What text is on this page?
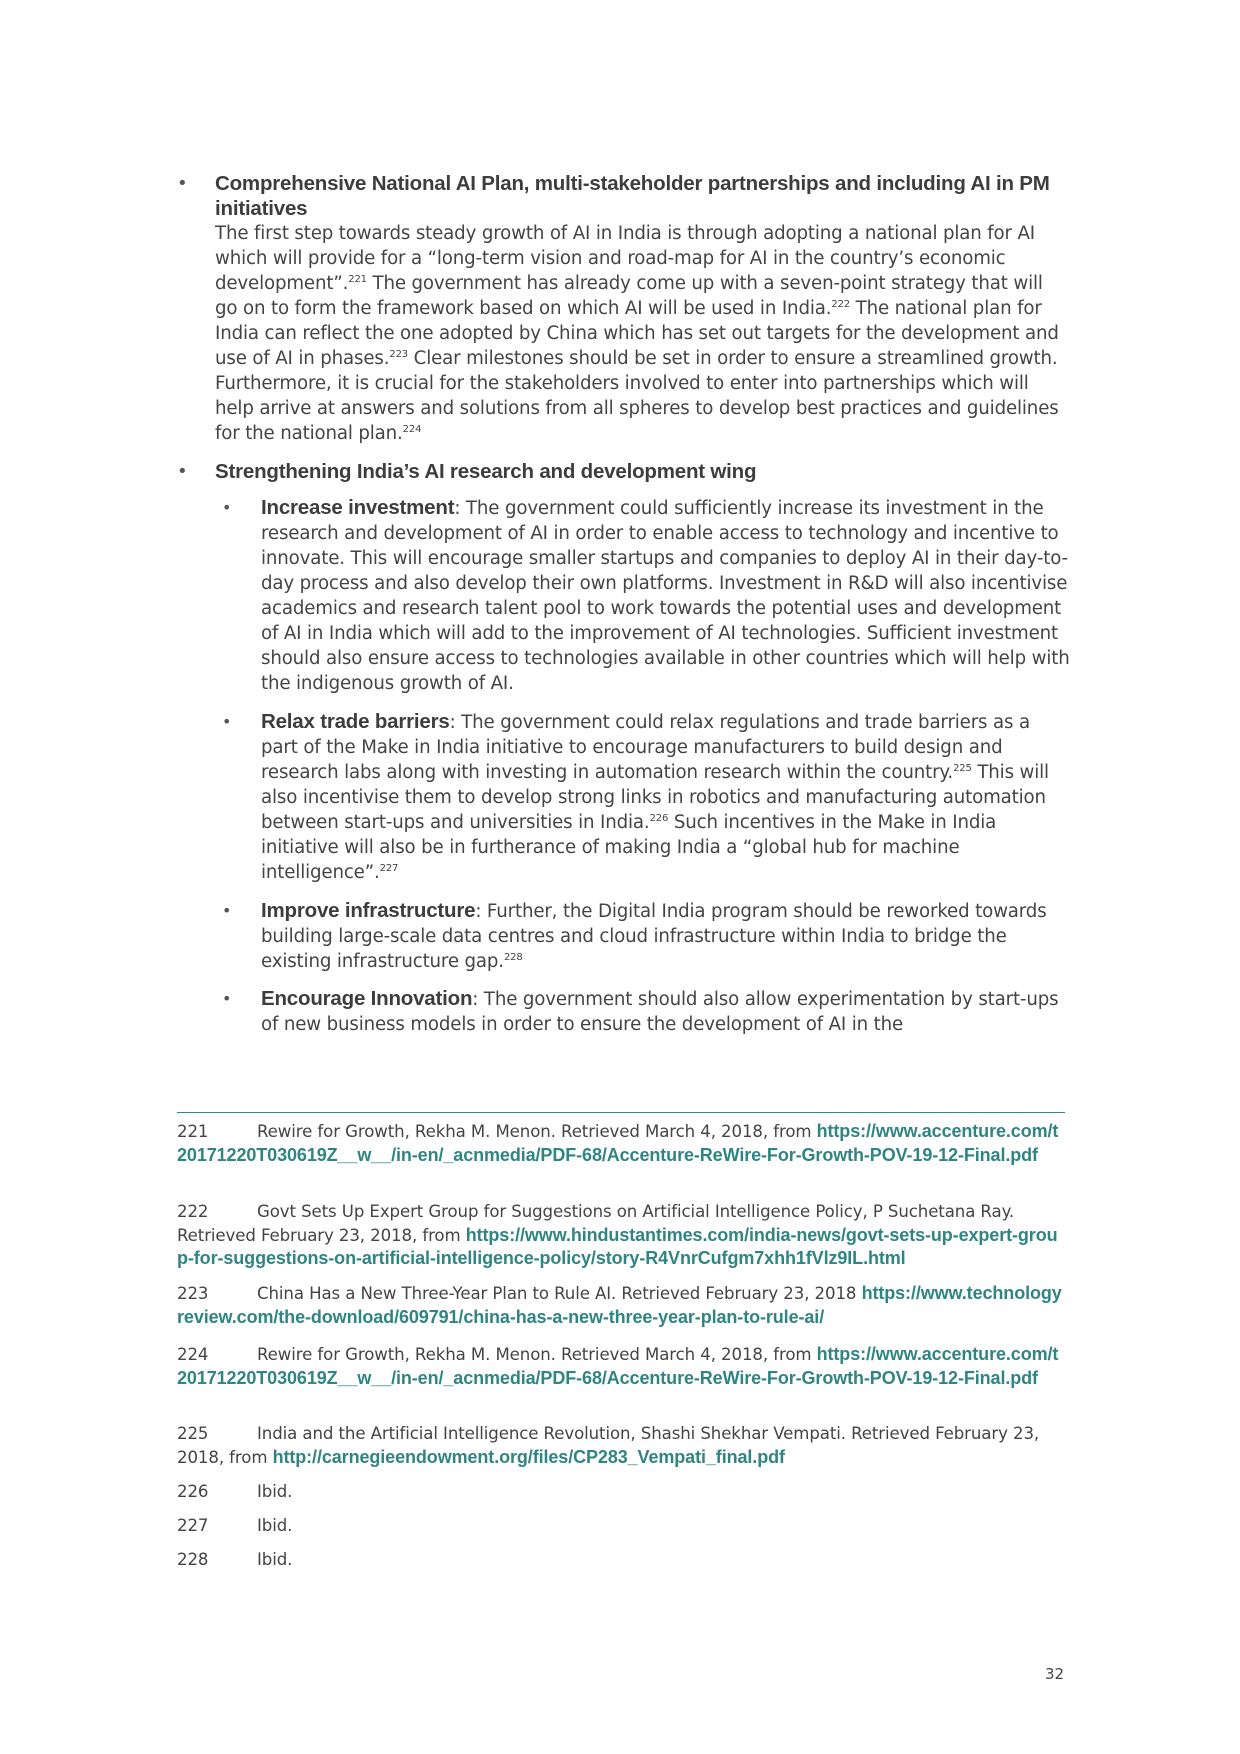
• Comprehensive National AI Plan, multi-stakeholder partnerships and including AI in PM initiatives
The first step towards steady growth of AI in India is through adopting a national plan for AI which will provide for a “long-term vision and road-map for AI in the country’s economic development”.$^{221}$ The government has already come up with a seven-point strategy that will go on to form the framework based on which AI will be used in India.$^{222}$ The national plan for India can reflect the one adopted by China which has set out targets for the development and use of AI in phases.$^{223}$ Clear milestones should be set in order to ensure a streamlined growth. Furthermore, it is crucial for the stakeholders involved to enter into partnerships which will help arrive at answers and solutions from all spheres to develop best practices and guidelines for the national plan.$^{224}$
• Strengthening India’s AI research and development wing
• Increase investment: The government could sufficiently increase its investment in the research and development of AI in order to enable access to technology and incentive to innovate. This will encourage smaller startups and companies to deploy AI in their day-to-day process and also develop their own platforms. Investment in R&D will also incentivise academics and research talent pool to work towards the potential uses and development of AI in India which will add to the improvement of AI technologies. Sufficient investment should also ensure access to technologies available in other countries which will help with the indigenous growth of AI.
• Relax trade barriers: The government could relax regulations and trade barriers as a part of the Make in India initiative to encourage manufacturers to build design and research labs along with investing in automation research within the country.$^{225}$ This will also incentivise them to develop strong links in robotics and manufacturing automation between start-ups and universities in India.$^{226}$ Such incentives in the Make in India initiative will also be in furtherance of making India a “global hub for machine intelligence”.$^{227}$
• Improve infrastructure: Further, the Digital India program should be reworked towards building large-scale data centres and cloud infrastructure within India to bridge the existing infrastructure gap.$^{228}$
• Encourage Innovation: The government should also allow experimentation by start-ups of new business models in order to ensure the development of AI in the
221	Rewire for Growth, Rekha M. Menon. Retrieved March 4, 2018, from https://www.accenture.com/t20171220T030619Z__w__/in-en/_acnmedia/PDF-68/Accenture-ReWire-For-Growth-POV-19-12-Final.pdf
222	Govt Sets Up Expert Group for Suggestions on Artificial Intelligence Policy, P Suchetana Ray. Retrieved February 23, 2018, from https://www.hindustantimes.com/india-news/govt-sets-up-expert-group-for-suggestions-on-artificial-intelligence-policy/story-R4VnrCufgm7xhh1fVlz9IL.html
223	China Has a New Three-Year Plan to Rule AI. Retrieved February 23, 2018 https://www.technologyreview.com/the-download/609791/china-has-a-new-three-year-plan-to-rule-ai/
224	Rewire for Growth, Rekha M. Menon. Retrieved March 4, 2018, from https://www.accenture.com/t20171220T030619Z__w__/in-en/_acnmedia/PDF-68/Accenture-ReWire-For-Growth-POV-19-12-Final.pdf
225	India and the Artificial Intelligence Revolution, Shashi Shekhar Vempati. Retrieved February 23, 2018, from http://carnegieendowment.org/files/CP283_Vempati_final.pdf
226	Ibid.
227	Ibid.
228	Ibid.
32
